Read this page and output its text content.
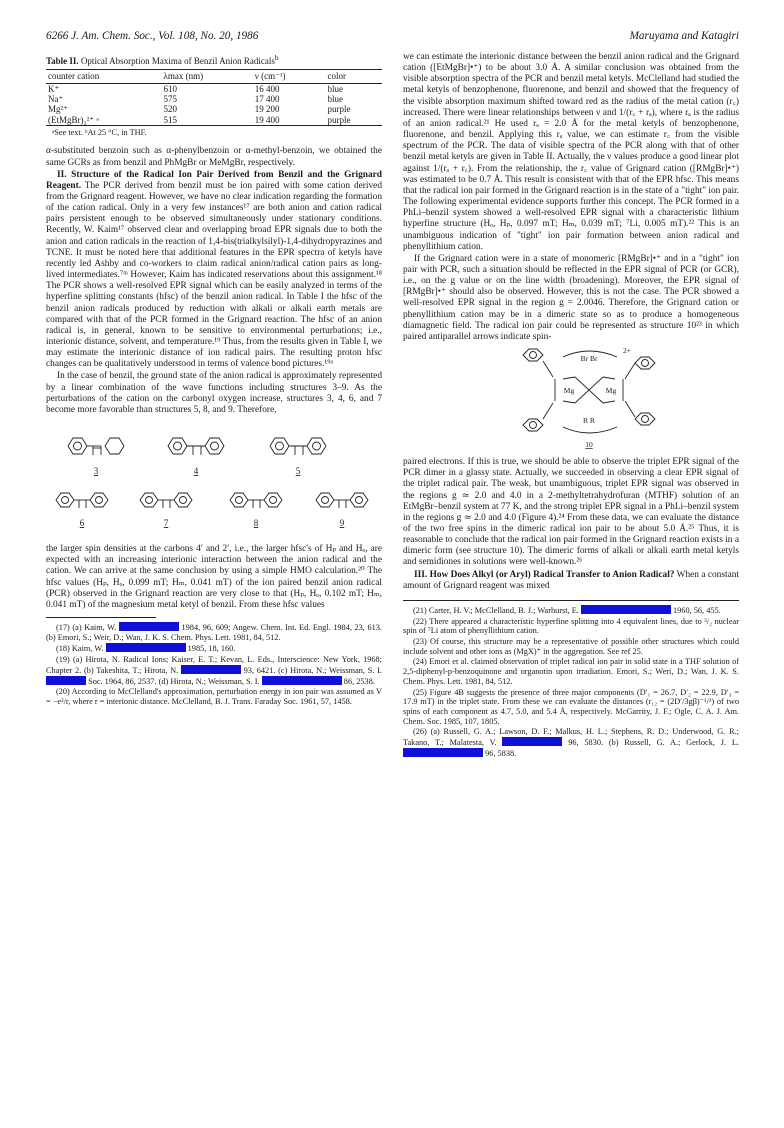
6266 J. Am. Chem. Soc., Vol. 108, No. 20, 1986	Maruyama and Katagiri
Table II. Optical Absorption Maxima of Benzil Anion Radicals$^b$
counter cation	λmax (nm)	ν (cm⁻¹)	color
K⁺	610	16 400	blue
Na⁺	575	17 400	blue
Mg²⁺	520	19 200	purple
(EtMgBr)₂²⁺ ᵃ	515	19 400	purple
ᵃSee text. ᵇAt 25 °C, in THF.

α-substituted benzoin such as α-phenylbenzoin or α-methyl-benzoin, we obtained the same GCRs as from benzil and PhMgBr or MeMgBr, respectively.

II. Structure of the Radical Ion Pair Derived from Benzil and the Grignard Reagent. The PCR derived from benzil must be ion paired with some cation derived from the Grignard reagent. However, we have no clear indication regarding the formation of the cation radical. Only in a very few instances¹⁷ are both anion and cation radical pairs persistent enough to be observed simultaneously under stationary conditions. Recently, W. Kaim¹⁷ observed clear and overlapping broad EPR signals due to both the anion and cation radicals in the reaction of 1,4-bis(trialkylsilyl)-1,4-dihydropyrazines and TCNE. It must be noted here that additional features in the EPR spectra of ketyls have recently led Ashby and co-workers to claim radical anion/radical cation pairs as long-lived intermediates.⁷ᵐ However, Kaim has indicated reservations about this assignment.¹⁸ The PCR shows a well-resolved EPR signal which can be easily analyzed in terms of the hyperfine splitting constants (hfsc) of the benzil anion radical. In Table I the hfsc of the benzil anion radicals produced by reduction with alkali or alkali earth metals are compared with that of the PCR formed in the Grignard reaction. The hfsc of an anion radical is, in general, known to be sensitive to environmental perturbations; i.e., interionic distance, solvent, and temperature.¹⁹ Thus, from the results given in Table I, we may estimate the interionic distance of ion radical pairs. The resulting proton hfsc changes can be qualitatively understood in terms of valence bond pictures.¹⁹ᵃ

In the case of benzil, the ground state of the anion radical is approximately represented by a linear combination of the wave functions including structures 3–9. As the perturbations of the cation on the carbonyl oxygen increase, structures 3, 4, 6, and 7 become more favorable than structures 5, 8, and 9. Therefore,

3	4	5
6	7	8	9

the larger spin densities at the carbons 4′ and 2′, i.e., the larger hfsc's of Hₚ and Hₒ, are expected with an increasing interionic interaction between the anion radical and the cation. We can arrive at the same conclusion by using a simple HMO calculation.²⁰ The hfsc values (Hₚ, Hₒ, 0.099 mT; Hₘ, 0.041 mT) of the ion paired benzil anion radical (PCR) observed in the Grignard reaction are very close to that (Hₚ, Hₒ, 0.102 mT; Hₘ, 0.041 mT) of the magnesium metal ketyl of benzil. From these hfsc values

(17) (a) Kaim, W.	1984, 96, 609; Angew. Chem. Int. Ed. Engl. 1984, 23, 613. (b) Emori, S.; Weir, D.; Wan, J. K. S. Chem. Phys. Lett. 1981, 84, 512.

(18) Kaim, W.	1985, 18, 160.

(19) (a) Hirota, N. Radical Ions; Kaiser, E. T.; Kevan, L. Eds., Interscience: New York, 1968; Chapter 2. (b) Takeshita, T.; Hirota, N.	93, 6421. (c) Hirota, N.; Weissman, S. I.  Soc. 1964, 86, 2537. (d) Hirota, N.; Weissman, S. I.	86, 2538.

(20) According to McClelland's approximation, perturbation energy in ion pair was assumed as V = −e²/r, where r = interionic distance. McClelland, B. J. Trans. Faraday Soc. 1961, 57, 1458.

we can estimate the interionic distance between the benzil anion radical and the Grignard cation ([EtMgBr]•⁺) to be about 3.0 Å. A similar conclusion was obtained from the visible absorption spectra of the PCR and benzil metal ketyls. McClelland had studied the metal ketyls of benzophenone, fluorenone, and benzil and showed that the frequency of the visible absorption maximum shifted toward red as the radius of the metal cation (r꜀) increased. There were linear relationships between ν and 1/(r꜀ + rₐ), where rₐ is the radius of an anion radical.²¹ He used rₐ = 2.0 Å for the metal ketyls of benzophenone, fluorenone, and benzil. Applying this rₐ value, we can estimate r꜀ from the visible spectrum of the PCR. The data of visible spectra of the PCR along with that of other benzil metal ketyls are given in Table II. Actually, the ν values produce a good linear plot against 1/(rₐ + r꜀). From the relationship, the r꜀ value of Grignard cation ([RMgBr]•⁺) was estimated to be 0.7 Å. This result is consistent with that of the EPR hfsc. This means that the radical ion pair formed in the Grignard reaction is in the state of a "tight" ion pair. The following experimental evidence supports further this concept. The PCR formed in a PhLi–benzil system showed a well-resolved EPR signal with a characteristic lithium hyperfine structure (Hₒ, Hₚ, 0.097 mT; Hₘ, 0.039 mT; ⁷Li, 0.005 mT).²² This is an unambiguous indication of "tight" ion pair formation between anion radical and phenyllithium cation.

If the Grignard cation were in a state of monomeric [RMgBr]•⁺ and in a "tight" ion pair with PCR, such a situation should be reflected in the EPR signal of PCR (or GCR), i.e., on the g value or on the line width (broadening). Moreover, the EPR signal of [RMgBr]•⁺ should also be observed. However, this is not the case. The PCR showed a well-resolved EPR signal in the region g = 2.0046. Therefore, the Grignard cation or phenyllithium cation may be in a dimeric state so as to produce a homogeneous diamagnetic field. The radical ion pair could be represented as structure 10²³ in which paired antiparallel arrows indicate spin-

Br Br
Mg	Mg
R R
2+
10

paired electrons. If this is true, we should be able to observe the triplet EPR signal of the PCR dimer in a glassy state. Actually, we succeeded in observing a clear EPR signal of the triplet radical pair. The weak, but unambiguous, triplet EPR signal was observed in the regions g ≃ 2.0 and 4.0 in a 2-methyltetrahydrofuran (MTHF) solution of an EtMgBr–benzil system at 77 K, and the strong triplet EPR signal in a PhLi–benzil system in the regions g ≃ 2.0 and 4.0 (Figure 4).²⁴ From these data, we can evaluate the distance of the two free spins in the dimeric radical ion pair to be about 5.0 Å.²⁵ Thus, it is reasonable to conclude that the radical ion pair formed in the Grignard reaction exists in a dimeric form (see structure 10). The dimeric forms of alkali or alkali earth metal ketyls and semidiones in solutions were well-known.²⁶

III. How Does Alkyl (or Aryl) Radical Transfer to Anion Radical? When a constant amount of Grignard reagent was mixed

(21) Carter, H. V.; McClelland, B. J.; Warhurst, E.	1960, 56, 455.

(22) There appeared a characteristic hyperfine splitting into 4 equivalent lines, due to ³/₂ nuclear spin of ⁷Li atom of phenyllithium cation.

(23) Of course, this structure may be a representative of possible other structures which could include solvent and other ions as (MgX)⁺ in the aggregation. See ref 25.

(24) Emori et al. claimed observation of triplet radical ion pair in solid state in a THF solution of 2,5-diphenyl-p-benzoquinone and organotin upon irradiation. Emori, S.; Weri, D.; Wan, J. K. S. Chem. Phys. Lett. 1981, 84, 512.

(25) Figure 4B suggests the presence of three major components (D′₁ = 26.7, D′₂ = 22.9, D′₃ = 17.9 mT) in the triplet state. From these we can evaluate the distances (r₁₂ = (2D′/3gβ)⁻¹/³) of two spins of each component as 4.7, 5.0, and 5.4 Å, respectively. McGarrity, J. F.; Ogle, C. A. J. Am. Chem. Soc. 1985, 107, 1805.

(26) (a) Russell, G. A.; Lawson, D. F.; Malkus, H. L.; Stephens, R. D.; Underwood, G. R.; Takano, T.; Malatesta, V.	96, 5830. (b) Russell, G. A.; Gerlock, J. L.  96, 5838.
